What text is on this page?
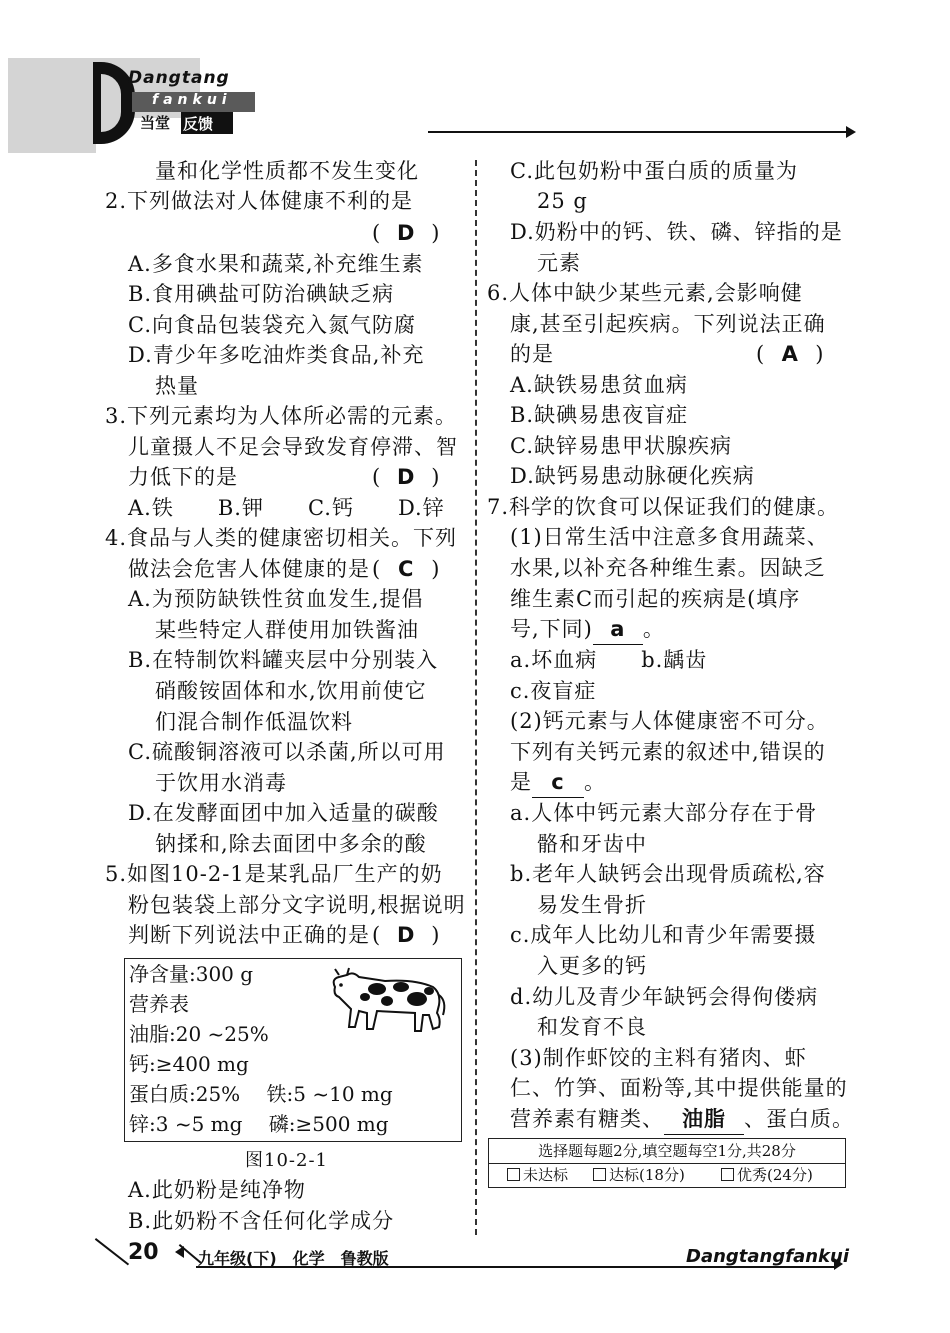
Dangtang
fankui
当堂 反馈
量和化学性质都不发生变化
2.下列做法对人体健康不利的是
A.多食水果和蔬菜,补充维生素
B.食用碘盐可防治碘缺乏病
C.向食品包装袋充入氮气防腐
D.青少年多吃油炸类食品,补充
热量
3.下列元素均为人体所必需的元素。
儿童摄人不足会导致发育停滞、智
力低下的是
A.铁　　B.钾　　C.钙　　D.锌
4.食品与人类的健康密切相关。下列
做法会危害人体健康的是
A.为预防缺铁性贫血发生,提倡
某些特定人群使用加铁酱油
B.在特制饮料罐夹层中分别装入
硝酸铵固体和水,饮用前使它
们混合制作低温饮料
C.硫酸铜溶液可以杀菌,所以可用
于饮用水消毒
D.在发酵面团中加入适量的碳酸
钠揉和,除去面团中多余的酸
5.如图10-2-1是某乳品厂生产的奶
粉包装袋上部分文字说明,根据说明
判断下列说法中正确的是
A.此奶粉是纯净物
B.此奶粉不含任何化学成分
C.此包奶粉中蛋白质的质量为
25 g
D.奶粉中的钙、铁、磷、锌指的是
元素
6.人体中缺少某些元素,会影响健
康,甚至引起疾病。下列说法正确
的是
A.缺铁易患贫血病
B.缺碘易患夜盲症
C.缺锌易患甲状腺疾病
D.缺钙易患动脉硬化疾病
7.科学的饮食可以保证我们的健康。
(1)日常生活中注意多食用蔬菜、
水果,以补充各种维生素。因缺乏
维生素C而引起的疾病是(填序
a.坏血病　　b.龋齿
c.夜盲症
(2)钙元素与人体健康密不可分。
下列有关钙元素的叙述中,错误的
a.人体中钙元素大部分存在于骨
骼和牙齿中
b.老年人缺钙会出现骨质疏松,容
易发生骨折
c.成年人比幼儿和青少年需要摄
入更多的钙
d.幼儿及青少年缺钙会得佝偻病
和发育不良
(3)制作虾饺的主料有猪肉、虾
仁、竹笋、面粉等,其中提供能量的
( D )
( D )
( C )
( D )
( A )
号,下同) a 。
是 c 。
营养素有糖类、 油脂 、蛋白质。
净含量:300 g
营养表
油脂:20 ~25%
钙:≥400 mg
蛋白质:25%　 铁:5 ~10 mg
锌:3 ~5 mg　 磷:≥500 mg
图10-2-1	选择题每题2分,填空题每空1分,共28分
未达标	达标(18分)	优秀(24分)
20 九年级(下)　化学　鲁教版	Dangtangfankui
